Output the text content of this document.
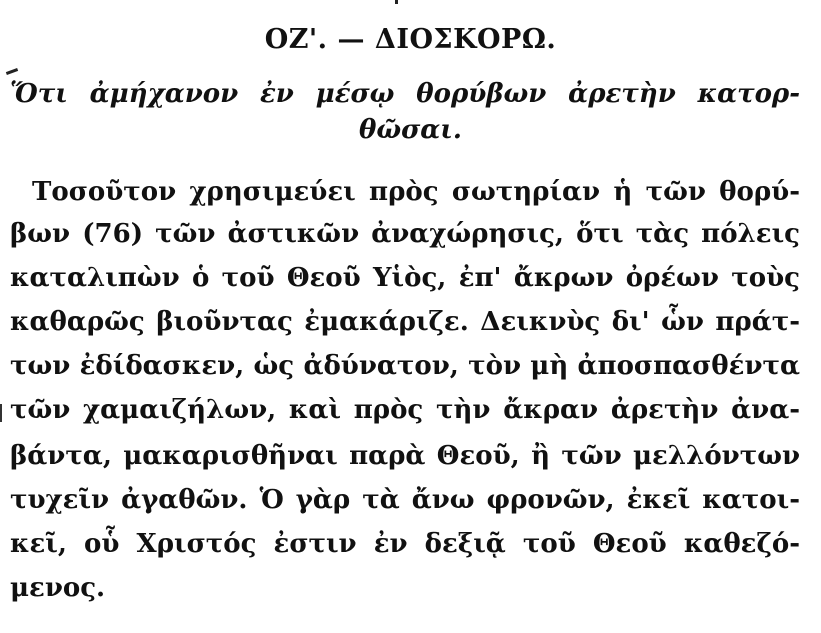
ΟΖ'. — ΔΙΟΣΚΟΡΩ.
Ὅτι ἀμήχανον ἐν μέσῳ θορύβων ἀρετὴν κατορ-
θῶσαι.
Τοσοῦτον χρησιμεύει πρὸς σωτηρίαν ἡ τῶν θορύ-
βων (76) τῶν ἀστικῶν ἀναχώρησις, ὅτι τὰς πόλεις
καταλιπὼν ὁ τοῦ Θεοῦ Υἱὸς, ἐπ' ἄκρων ὀρέων τοὺς
καθαρῶς βιοῦντας ἐμακάριζε. Δεικνὺς δι' ὧν πράτ-
των ἐδίδασκεν, ὡς ἀδύνατον, τὸν μὴ ἀποσπασθέντα
τῶν χαμαιζήλων, καὶ πρὸς τὴν ἄκραν ἀρετὴν ἀνα-
βάντα, μακαρισθῆναι παρὰ Θεοῦ, ἢ τῶν μελλόντων
τυχεῖν ἀγαθῶν. Ὁ γὰρ τὰ ἄνω φρονῶν, ἐκεῖ κατοι-
κεῖ, οὗ Χριστός ἐστιν ἐν δεξιᾷ τοῦ Θεοῦ καθεζό-
μενος.
